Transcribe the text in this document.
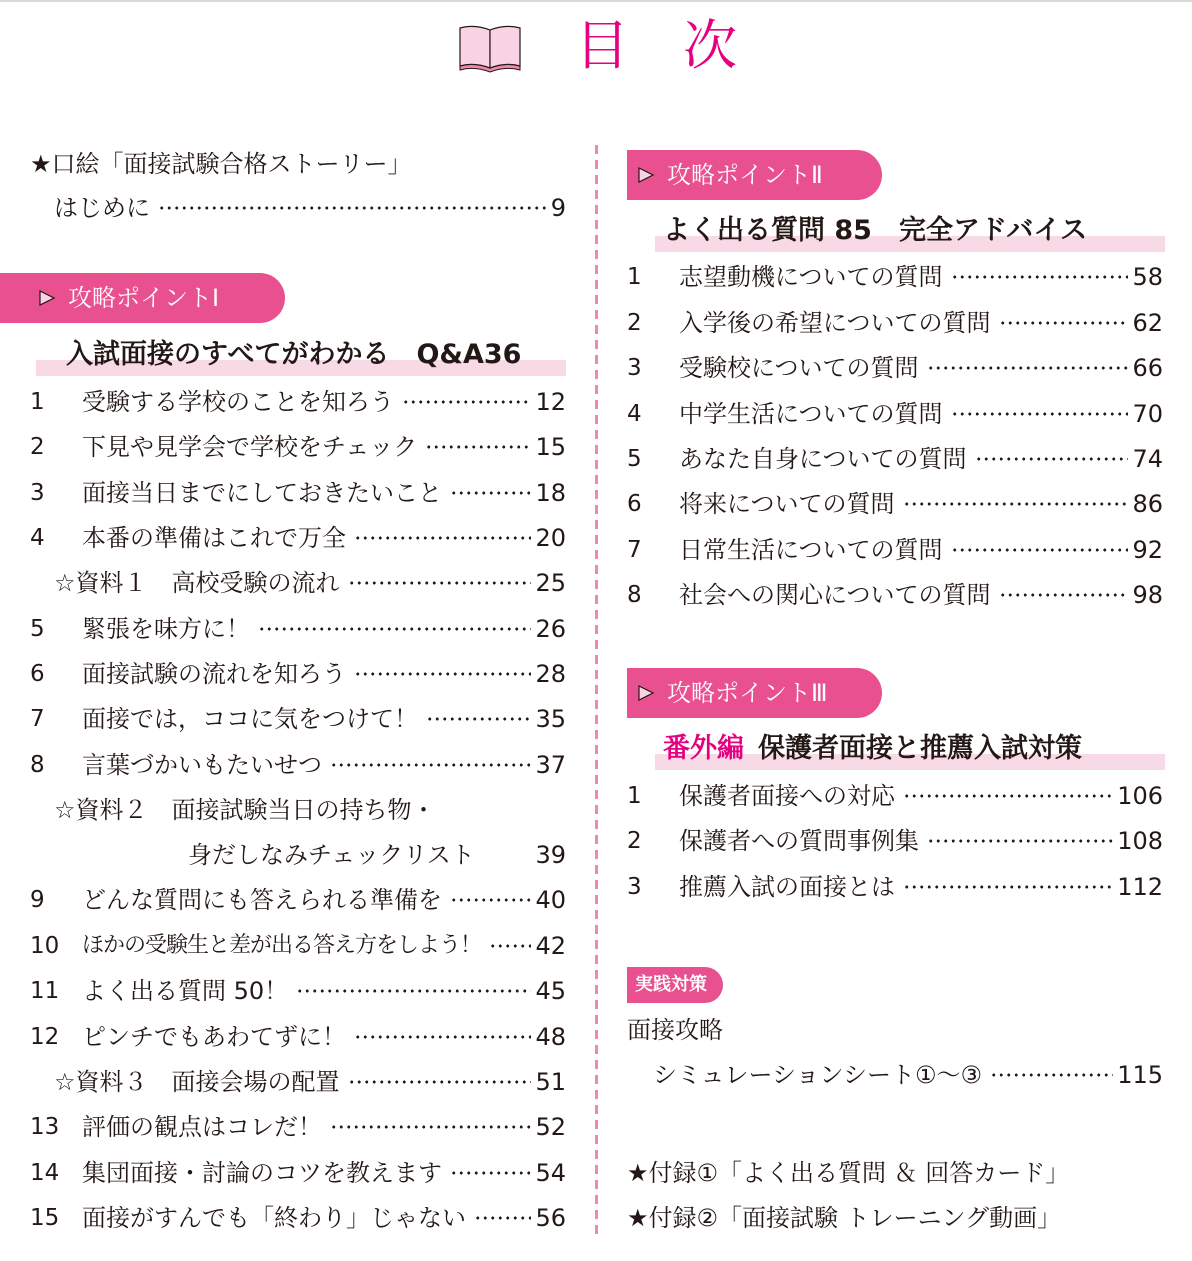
目 次
★口絵「面接試験合格ストーリー」
はじめに	9
攻略ポイントⅠ
入試面接のすべてがわかる　Q&A36
1	受験する学校のことを知ろう	12
2	下見や見学会で学校をチェック	15
3	面接当日までにしておきたいこと	18
4	本番の準備はこれで万全	20
☆資料１　高校受験の流れ	25
5	緊張を味方に！	26
6	面接試験の流れを知ろう	28
7	面接では，ココに気をつけて！	35
8	言葉づかいもたいせつ	37
☆資料２　面接試験当日の持ち物・
身だしなみチェックリスト	39
9	どんな質問にも答えられる準備を	40
10	ほかの受験生と差が出る答え方をしよう！ 42
11 よく出る質問 50！	45
12 ピンチでもあわてずに！	48
☆資料３　面接会場の配置	51
13 評価の観点はコレだ！	52
14 集団面接・討論のコツを教えます	54
15 面接がすんでも「終わり」じゃない	56
攻略ポイントⅡ
よく出る質問 85　完全アドバイス
1	志望動機についての質問	58
2	入学後の希望についての質問	62
3	受験校についての質問	66
4	中学生活についての質問	70
5	あなた自身についての質問	74
6	将来についての質問	86
7	日常生活についての質問	92
8	社会への関心についての質問	98
攻略ポイントⅢ
番外編 保護者面接と推薦入試対策
1	保護者面接への対応	106
2	保護者への質問事例集	108
3	推薦入試の面接とは	112
実践対策
面接攻略
シミュレーションシート①〜③	115
★付録①「よく出る質問 ＆ 回答カード」
★付録②「面接試験 トレーニング動画」
